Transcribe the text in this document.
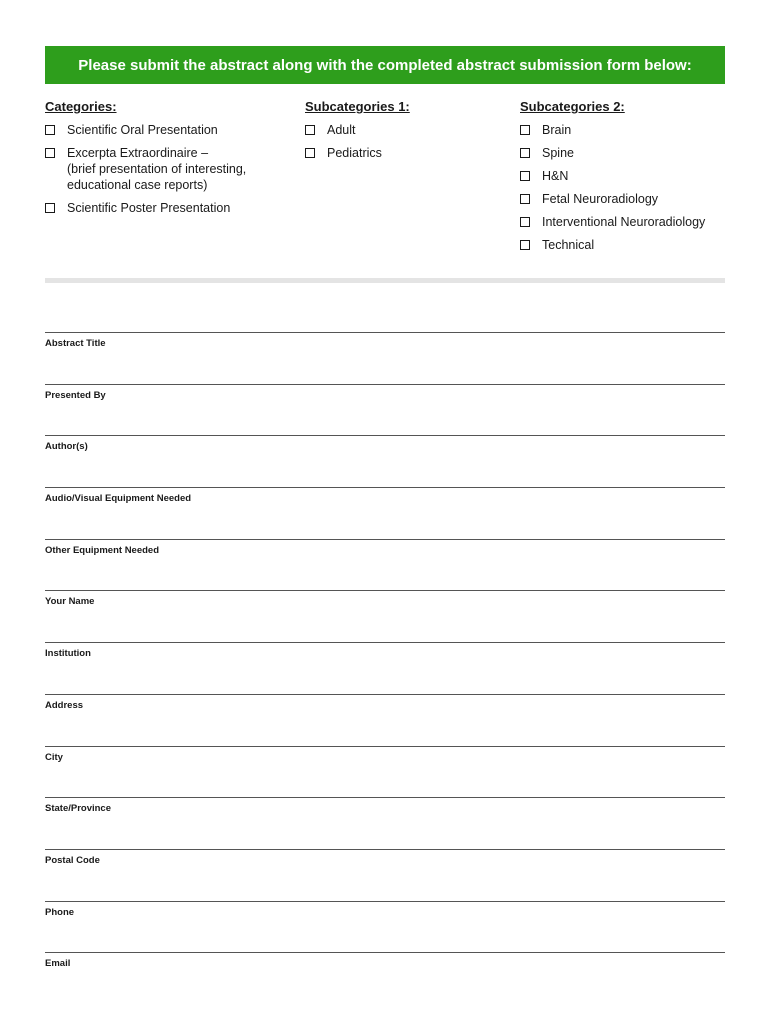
Please submit the abstract along with the completed abstract submission form below:
Categories:
Scientific Oral Presentation
Excerpta Extraordinaire –
(brief presentation of interesting,
educational case reports)
Scientific Poster Presentation
Subcategories 1:
Adult
Pediatrics
Subcategories 2:
Brain
Spine
H&N
Fetal Neuroradiology
Interventional Neuroradiology
Technical
Abstract Title
Presented By
Author(s)
Audio/Visual Equipment Needed
Other Equipment Needed
Your Name
Institution
Address
City
State/Province
Postal Code
Phone
Email
